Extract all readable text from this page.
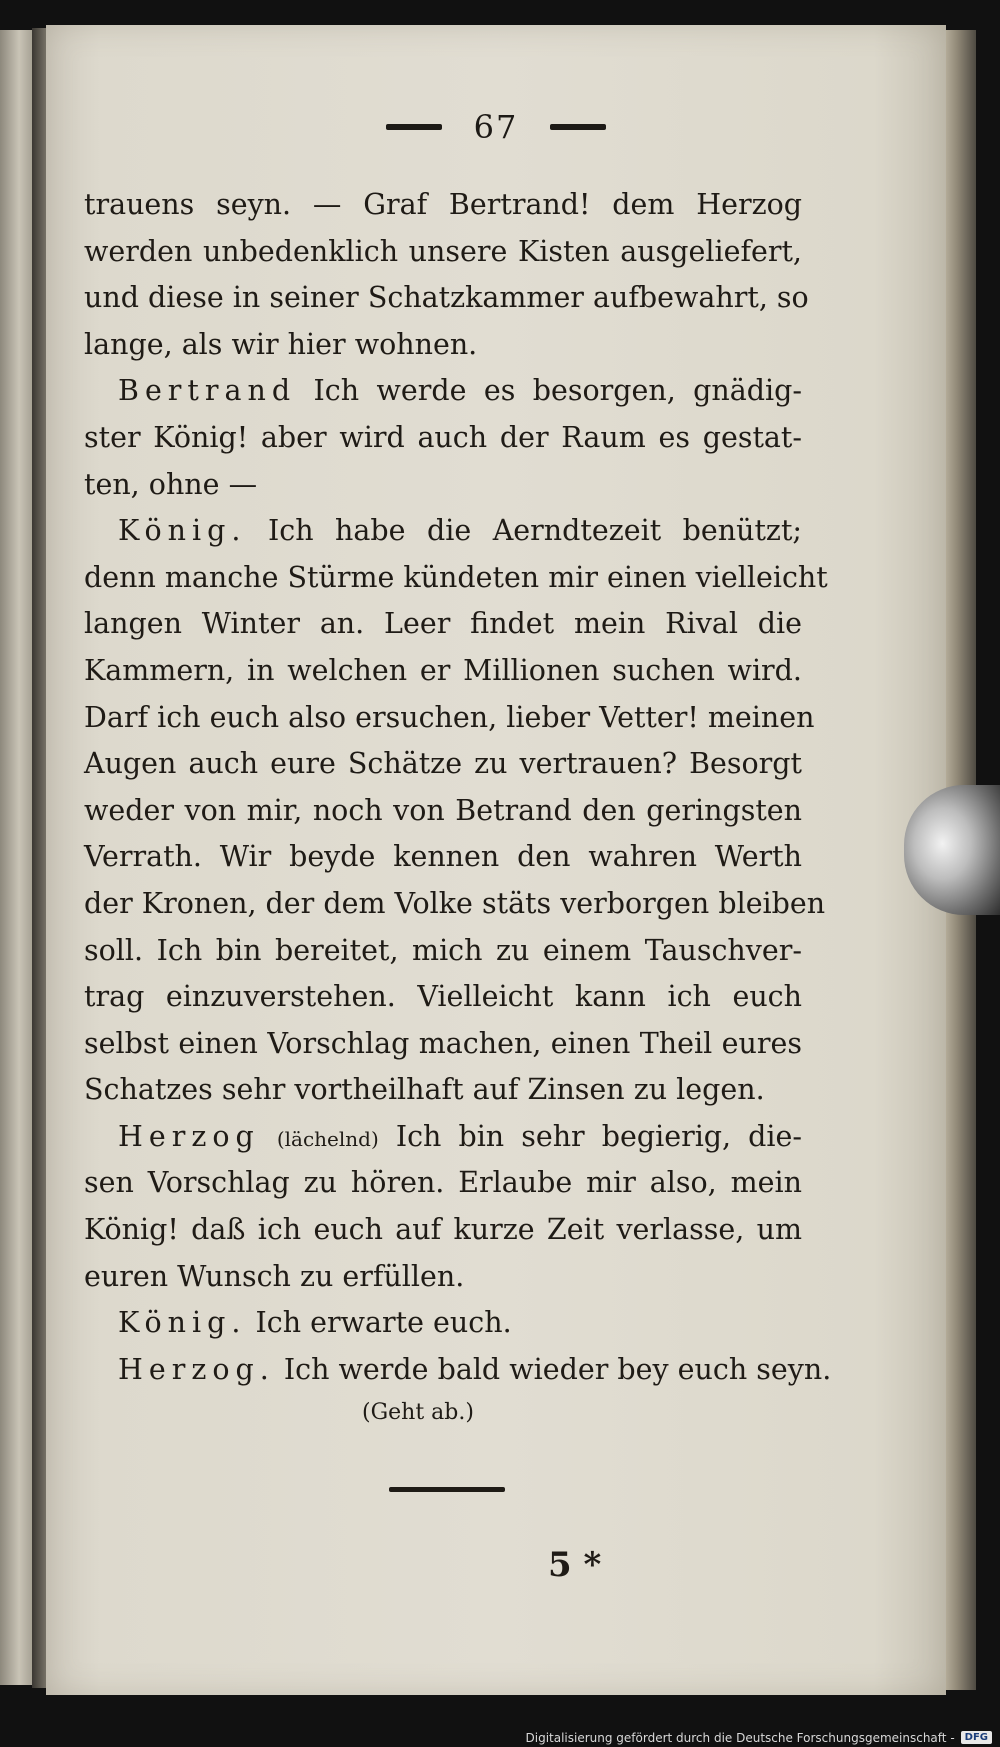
67
trauens seyn. — Graf Bertrand! dem Herzog
werden unbedenklich unsere Kisten ausgeliefert,
und diese in seiner Schatzkammer aufbewahrt, so
lange, als wir hier wohnen.
Bertrand Ich werde es besorgen, gnädig-
ster König! aber wird auch der Raum es gestat-
ten, ohne —
König. Ich habe die Aerndtezeit benützt;
denn manche Stürme kündeten mir einen vielleicht
langen Winter an. Leer findet mein Rival die
Kammern, in welchen er Millionen suchen wird.
Darf ich euch also ersuchen, lieber Vetter! meinen
Augen auch eure Schätze zu vertrauen? Besorgt
weder von mir, noch von Betrand den geringsten
Verrath. Wir beyde kennen den wahren Werth
der Kronen, der dem Volke stäts verborgen bleiben
soll. Ich bin bereitet, mich zu einem Tauschver-
trag einzuverstehen. Vielleicht kann ich euch
selbst einen Vorschlag machen, einen Theil eures
Schatzes sehr vortheilhaft auf Zinsen zu legen.
Herzog (lächelnd) Ich bin sehr begierig, die-
sen Vorschlag zu hören. Erlaube mir also, mein
König! daß ich euch auf kurze Zeit verlasse, um
euren Wunsch zu erfüllen.
König. Ich erwarte euch.
Herzog. Ich werde bald wieder bey euch seyn.
(Geht ab.)
5 *
Digitalisierung gefördert durch die Deutsche Forschungsgemeinschaft -	DFG
